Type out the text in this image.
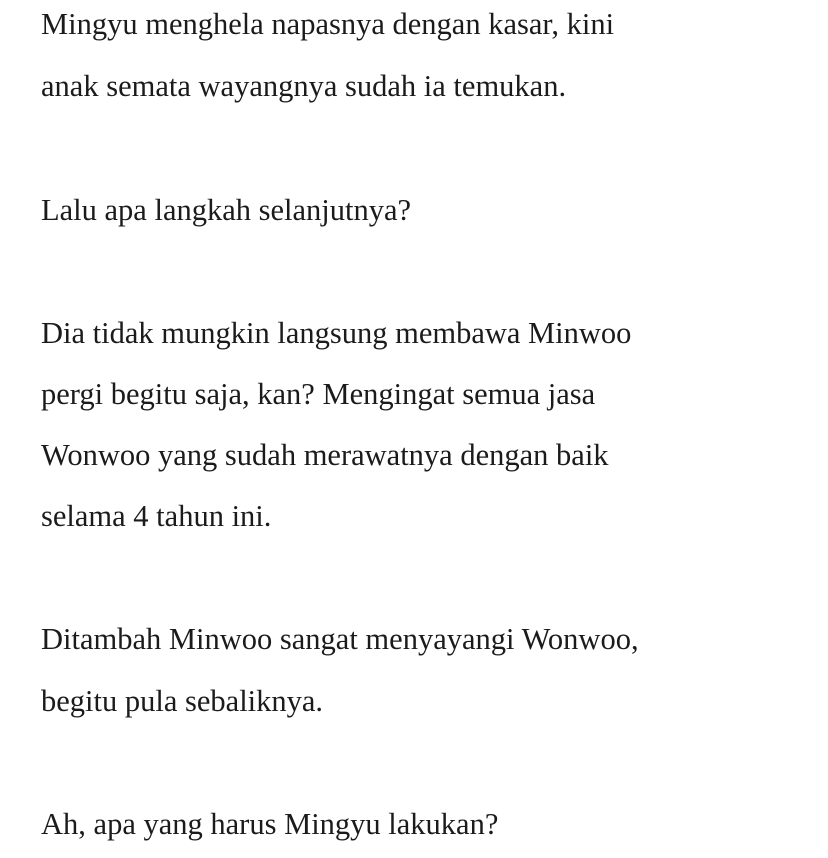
Mingyu menghela napasnya dengan kasar, kini

anak semata wayangnya sudah ia temukan.

Lalu apa langkah selanjutnya?

Dia tidak mungkin langsung membawa Minwoo

pergi begitu saja, kan? Mengingat semua jasa

Wonwoo yang sudah merawatnya dengan baik

selama 4 tahun ini.

Ditambah Minwoo sangat menyayangi Wonwoo,

begitu pula sebaliknya.

Ah, apa yang harus Mingyu lakukan?
